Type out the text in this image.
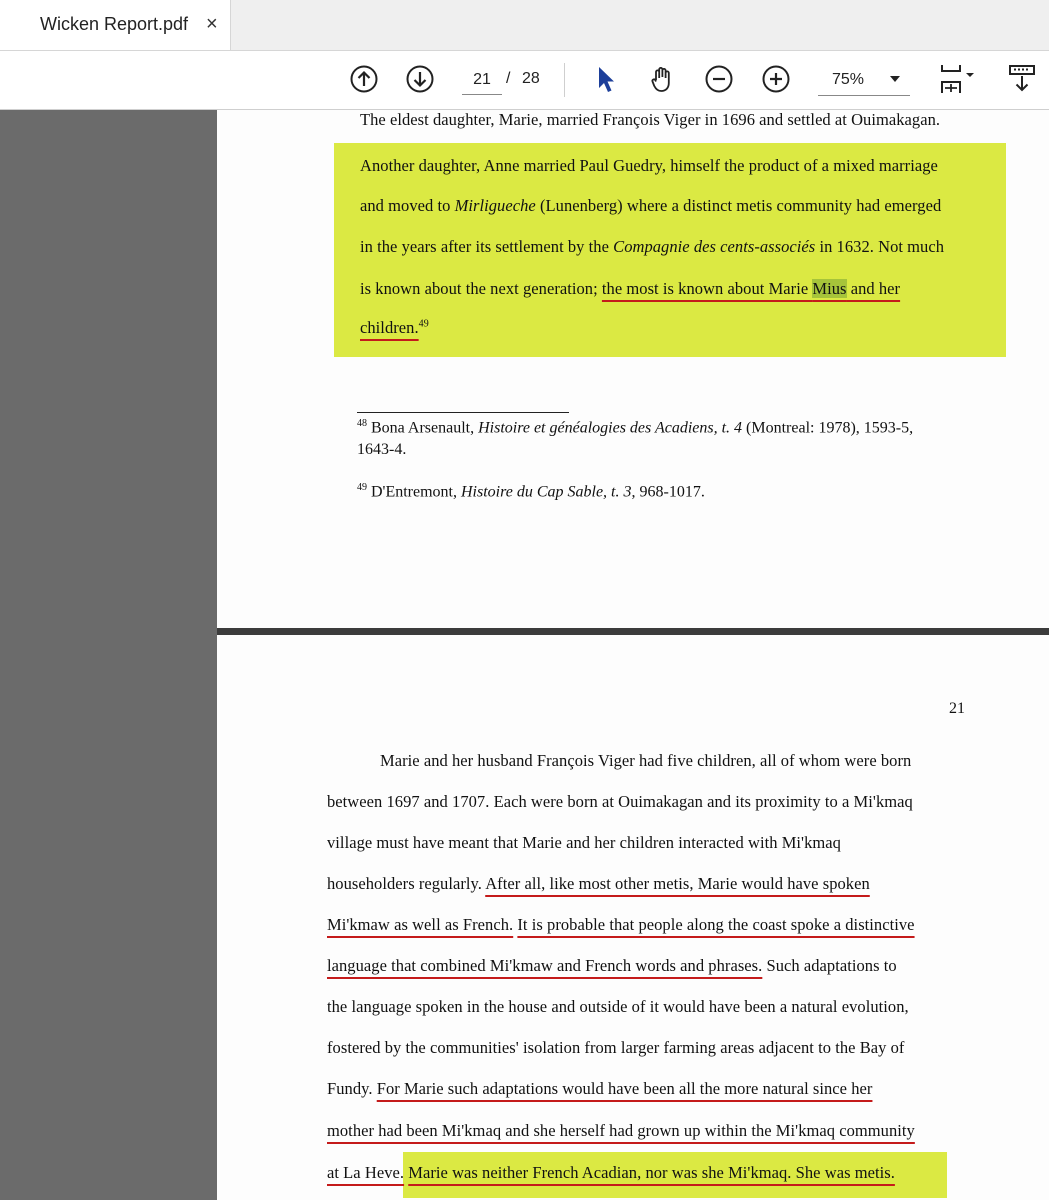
Wicken Report.pdf ×
21
/ 28	75%

The eldest daughter, Marie, married François Viger in 1696 and settled at Ouimakagan.
Another daughter, Anne married Paul Guedry, himself the product of a mixed marriage
and moved to Mirligueche (Lunenberg) where a distinct metis community had emerged
in the years after its settlement by the Compagnie des cents-associés in 1632. Not much
is known about the next generation; the most is known about Marie Mius and her
children.$^{49}$
$^{48}$ Bona Arsenault, Histoire et généalogies des Acadiens, t. 4 (Montreal: 1978), 1593-5,
1643-4.
$^{49}$ D'Entremont, Histoire du Cap Sable, t. 3, 968-1017.
21
Marie and her husband François Viger had five children, all of whom were born
between 1697 and 1707. Each were born at Ouimakagan and its proximity to a Mi'kmaq
village must have meant that Marie and her children interacted with Mi'kmaq
householders regularly. After all, like most other metis, Marie would have spoken
Mi'kmaw as well as French. It is probable that people along the coast spoke a distinctive
language that combined Mi'kmaw and French words and phrases. Such adaptations to
the language spoken in the house and outside of it would have been a natural evolution,
fostered by the communities' isolation from larger farming areas adjacent to the Bay of
Fundy. For Marie such adaptations would have been all the more natural since her
mother had been Mi'kmaq and she herself had grown up within the Mi'kmaq community
at La Heve. Marie was neither French Acadian, nor was she Mi'kmaq. She was metis.
